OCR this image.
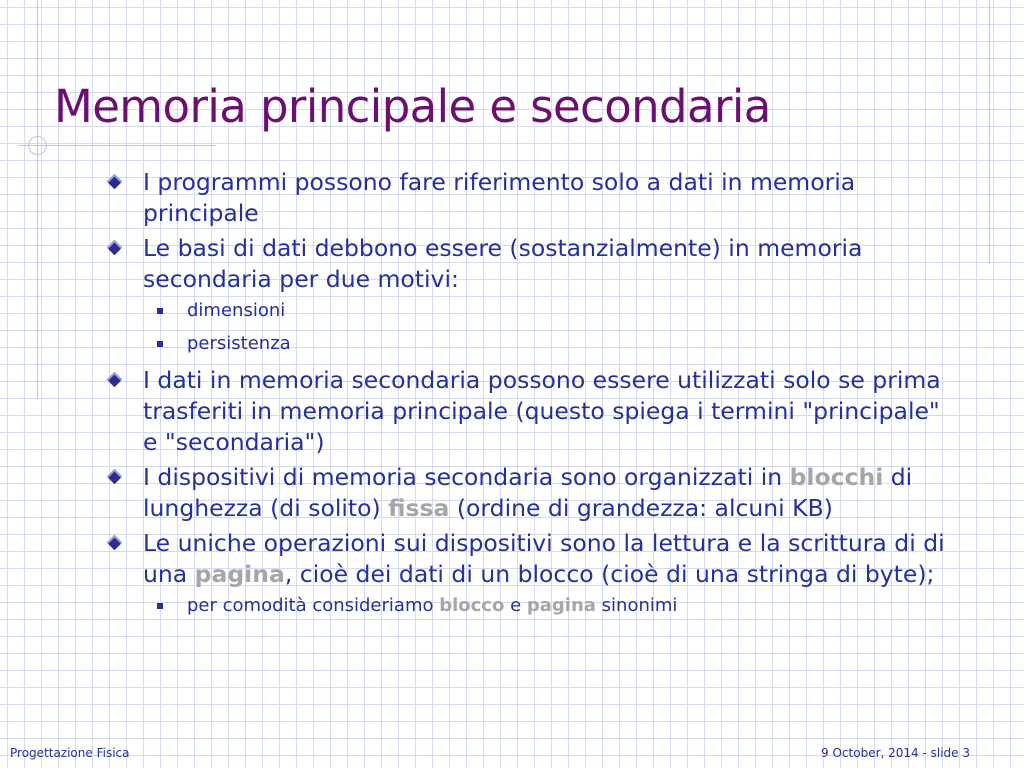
Memoria principale e secondaria
I programmi possono fare riferimento solo a dati in memoria principale
Le basi di dati debbono essere (sostanzialmente) in memoria secondaria per due motivi:
dimensioni
persistenza
I dati in memoria secondaria possono essere utilizzati solo se prima trasferiti in memoria principale (questo spiega i termini "principale" e "secondaria")
I dispositivi di memoria secondaria sono organizzati in blocchi di lunghezza (di solito) fissa (ordine di grandezza: alcuni KB)
Le uniche operazioni sui dispositivi sono la lettura e la scrittura di di una pagina, cioè dei dati di un blocco (cioè di una stringa di byte);
per comodità consideriamo blocco e pagina sinonimi
Progettazione Fisica	9 October, 2014 - slide 3
